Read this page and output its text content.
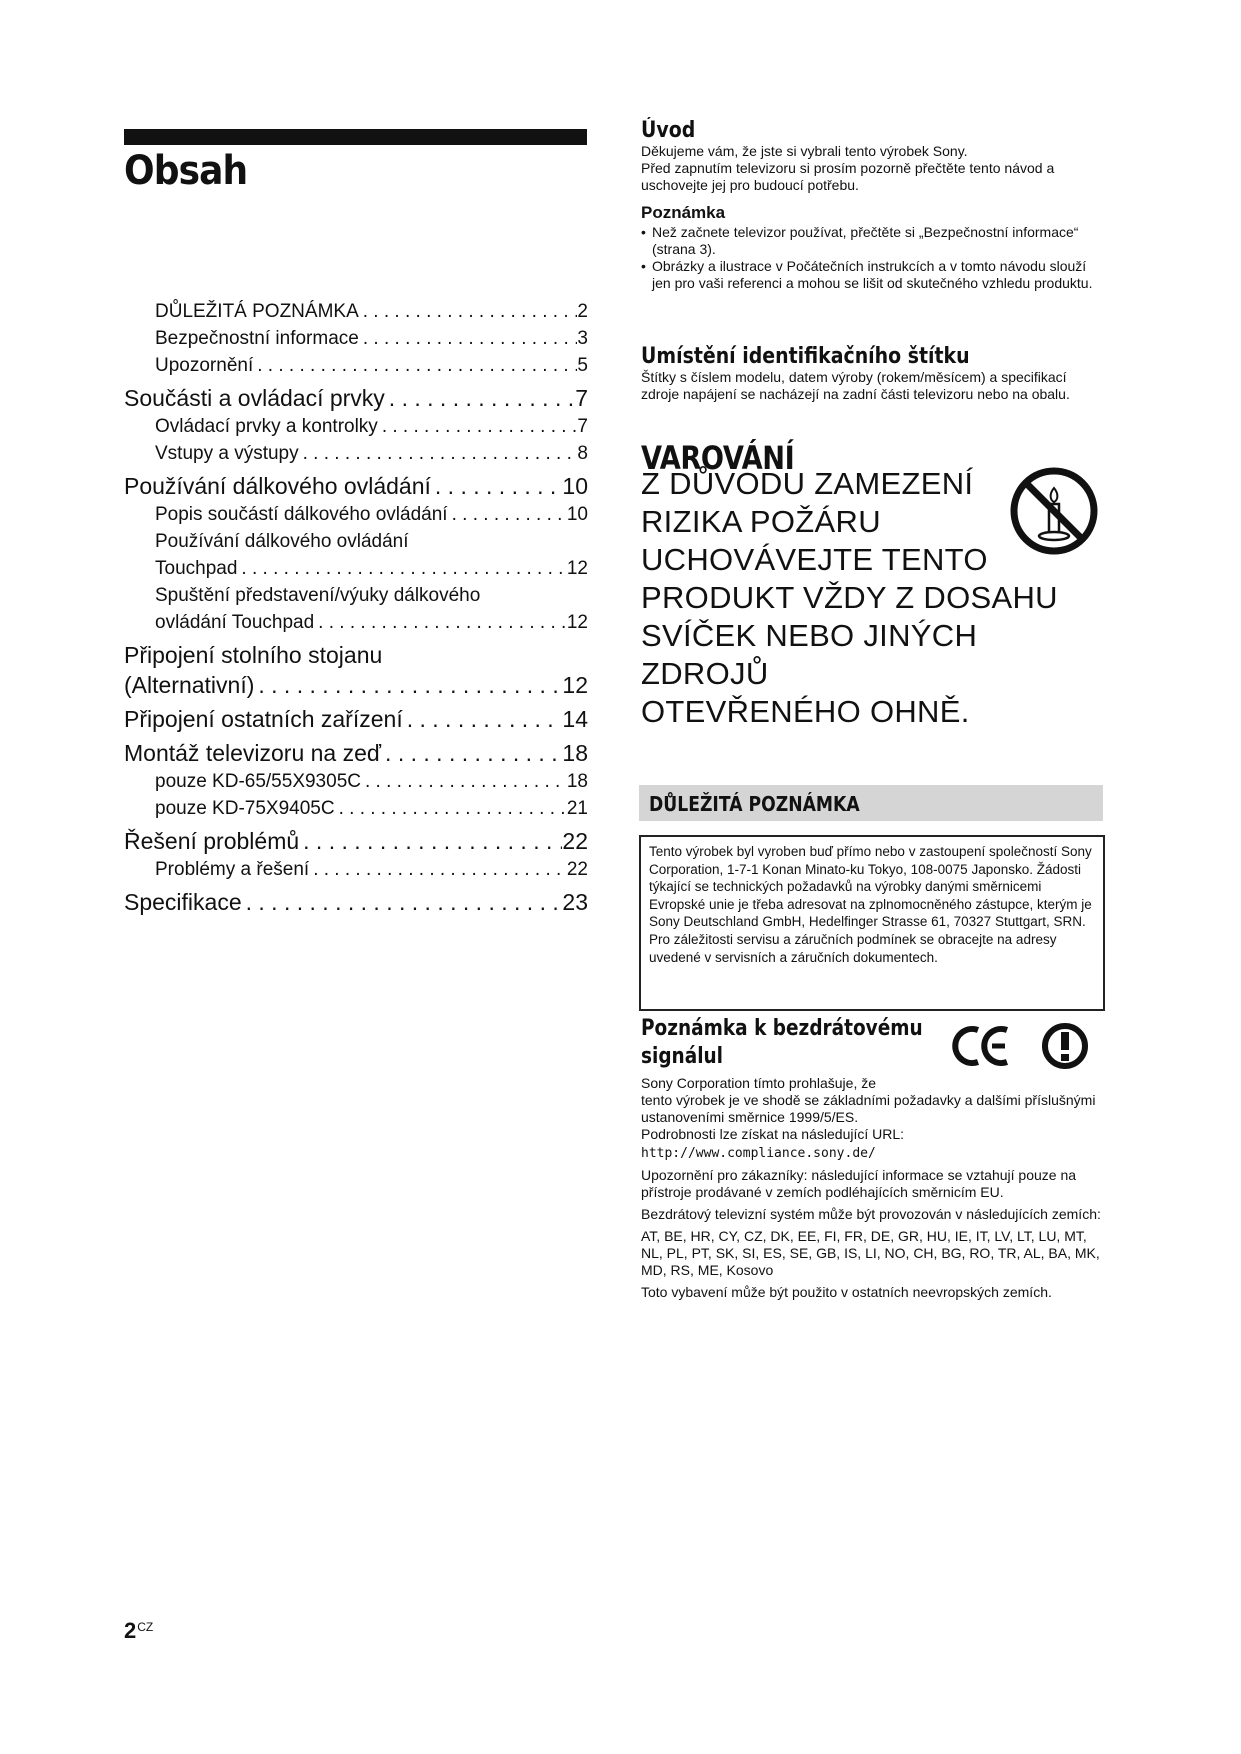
Obsah
DŮLEŽITÁ POZNÁMKA . . .	2
Bezpečnostní informace . . .	3
Upozornění . . .	5
Součásti a ovládací prvky . . .	7
Ovládací prvky a kontrolky . . .	7
Vstupy a výstupy . . .	8
Používání dálkového ovládání . . .	10
Popis součástí dálkového ovládání . . .	10
Používání dálkového ovládání
Touchpad . . .	12
Spuštění představení/výuky dálkového
ovládání Touchpad . . .	12
Připojení stolního stojanu
(Alternativní) . . .	12
Připojení ostatních zařízení . . .	14
Montáž televizoru na zeď . . .	18
pouze KD-65/55X9305C . . .	18
pouze KD-75X9405C . . .	21
Řešení problémů . . .	22
Problémy a řešení . . .	22
Specifikace . . .	23
Úvod

Děkujeme vám, že jste si vybrali tento výrobek Sony.

Před zapnutím televizoru si prosím pozorně přečtěte tento návod a uschovejte jej pro budoucí potřebu.

Poznámka
• Než začnete televizor používat, přečtěte si „Bezpečnostní informace“ (strana 3).
• Obrázky a ilustrace v Počátečních instrukcích a v tomto návodu slouží jen pro vaši referenci a mohou se lišit od skutečného vzhledu produktu.
Umístění identifikačního štítku

Štítky s číslem modelu, datem výroby (rokem/měsícem) a specifikací zdroje napájení se nacházejí na zadní části televizoru nebo na obalu.

VAROVÁNÍ
Z DŮVODU ZAMEZENÍ
RIZIKA POŽÁRU
UCHOVÁVEJTE TENTO
PRODUKT VŽDY Z DOSAHU
SVÍČEK NEBO JINÝCH ZDROJŮ
OTEVŘENÉHO OHNĚ.
DŮLEŽITÁ POZNÁMKA

Tento výrobek byl vyroben buď přímo nebo v zastoupení společností Sony Corporation, 1-7-1 Konan Minato-ku Tokyo, 108-0075 Japonsko. Žádosti týkající se technických požadavků na výrobky danými směrnicemi Evropské unie je třeba adresovat na zplnomocněného zástupce, kterým je Sony Deutschland GmbH, Hedelfinger Strasse 61, 70327 Stuttgart, SRN. Pro záležitosti servisu a záručních podmínek se obracejte na adresy uvedené v servisních a záručních dokumentech.

Poznámka k bezdrátovému
signálul

Sony Corporation tímto prohlašuje, že

tento výrobek je ve shodě se základními požadavky a dalšími příslušnými ustanoveními směrnice 1999/5/ES.

Podrobnosti lze získat na následující URL:

http://www.compliance.sony.de/

Upozornění pro zákazníky: následující informace se vztahují pouze na přístroje prodávané v zemích podléhajících směrnicím EU.

Bezdrátový televizní systém může být provozován v následujících zemích:

AT, BE, HR, CY, CZ, DK, EE, FI, FR, DE, GR, HU, IE, IT, LV, LT, LU, MT, NL, PL, PT, SK, SI, ES, SE, GB, IS, LI, NO, CH, BG, RO, TR, AL, BA, MK, MD, RS, ME, Kosovo

Toto vybavení může být použito v ostatních neevropských zemích.

$2^{CZ}$
